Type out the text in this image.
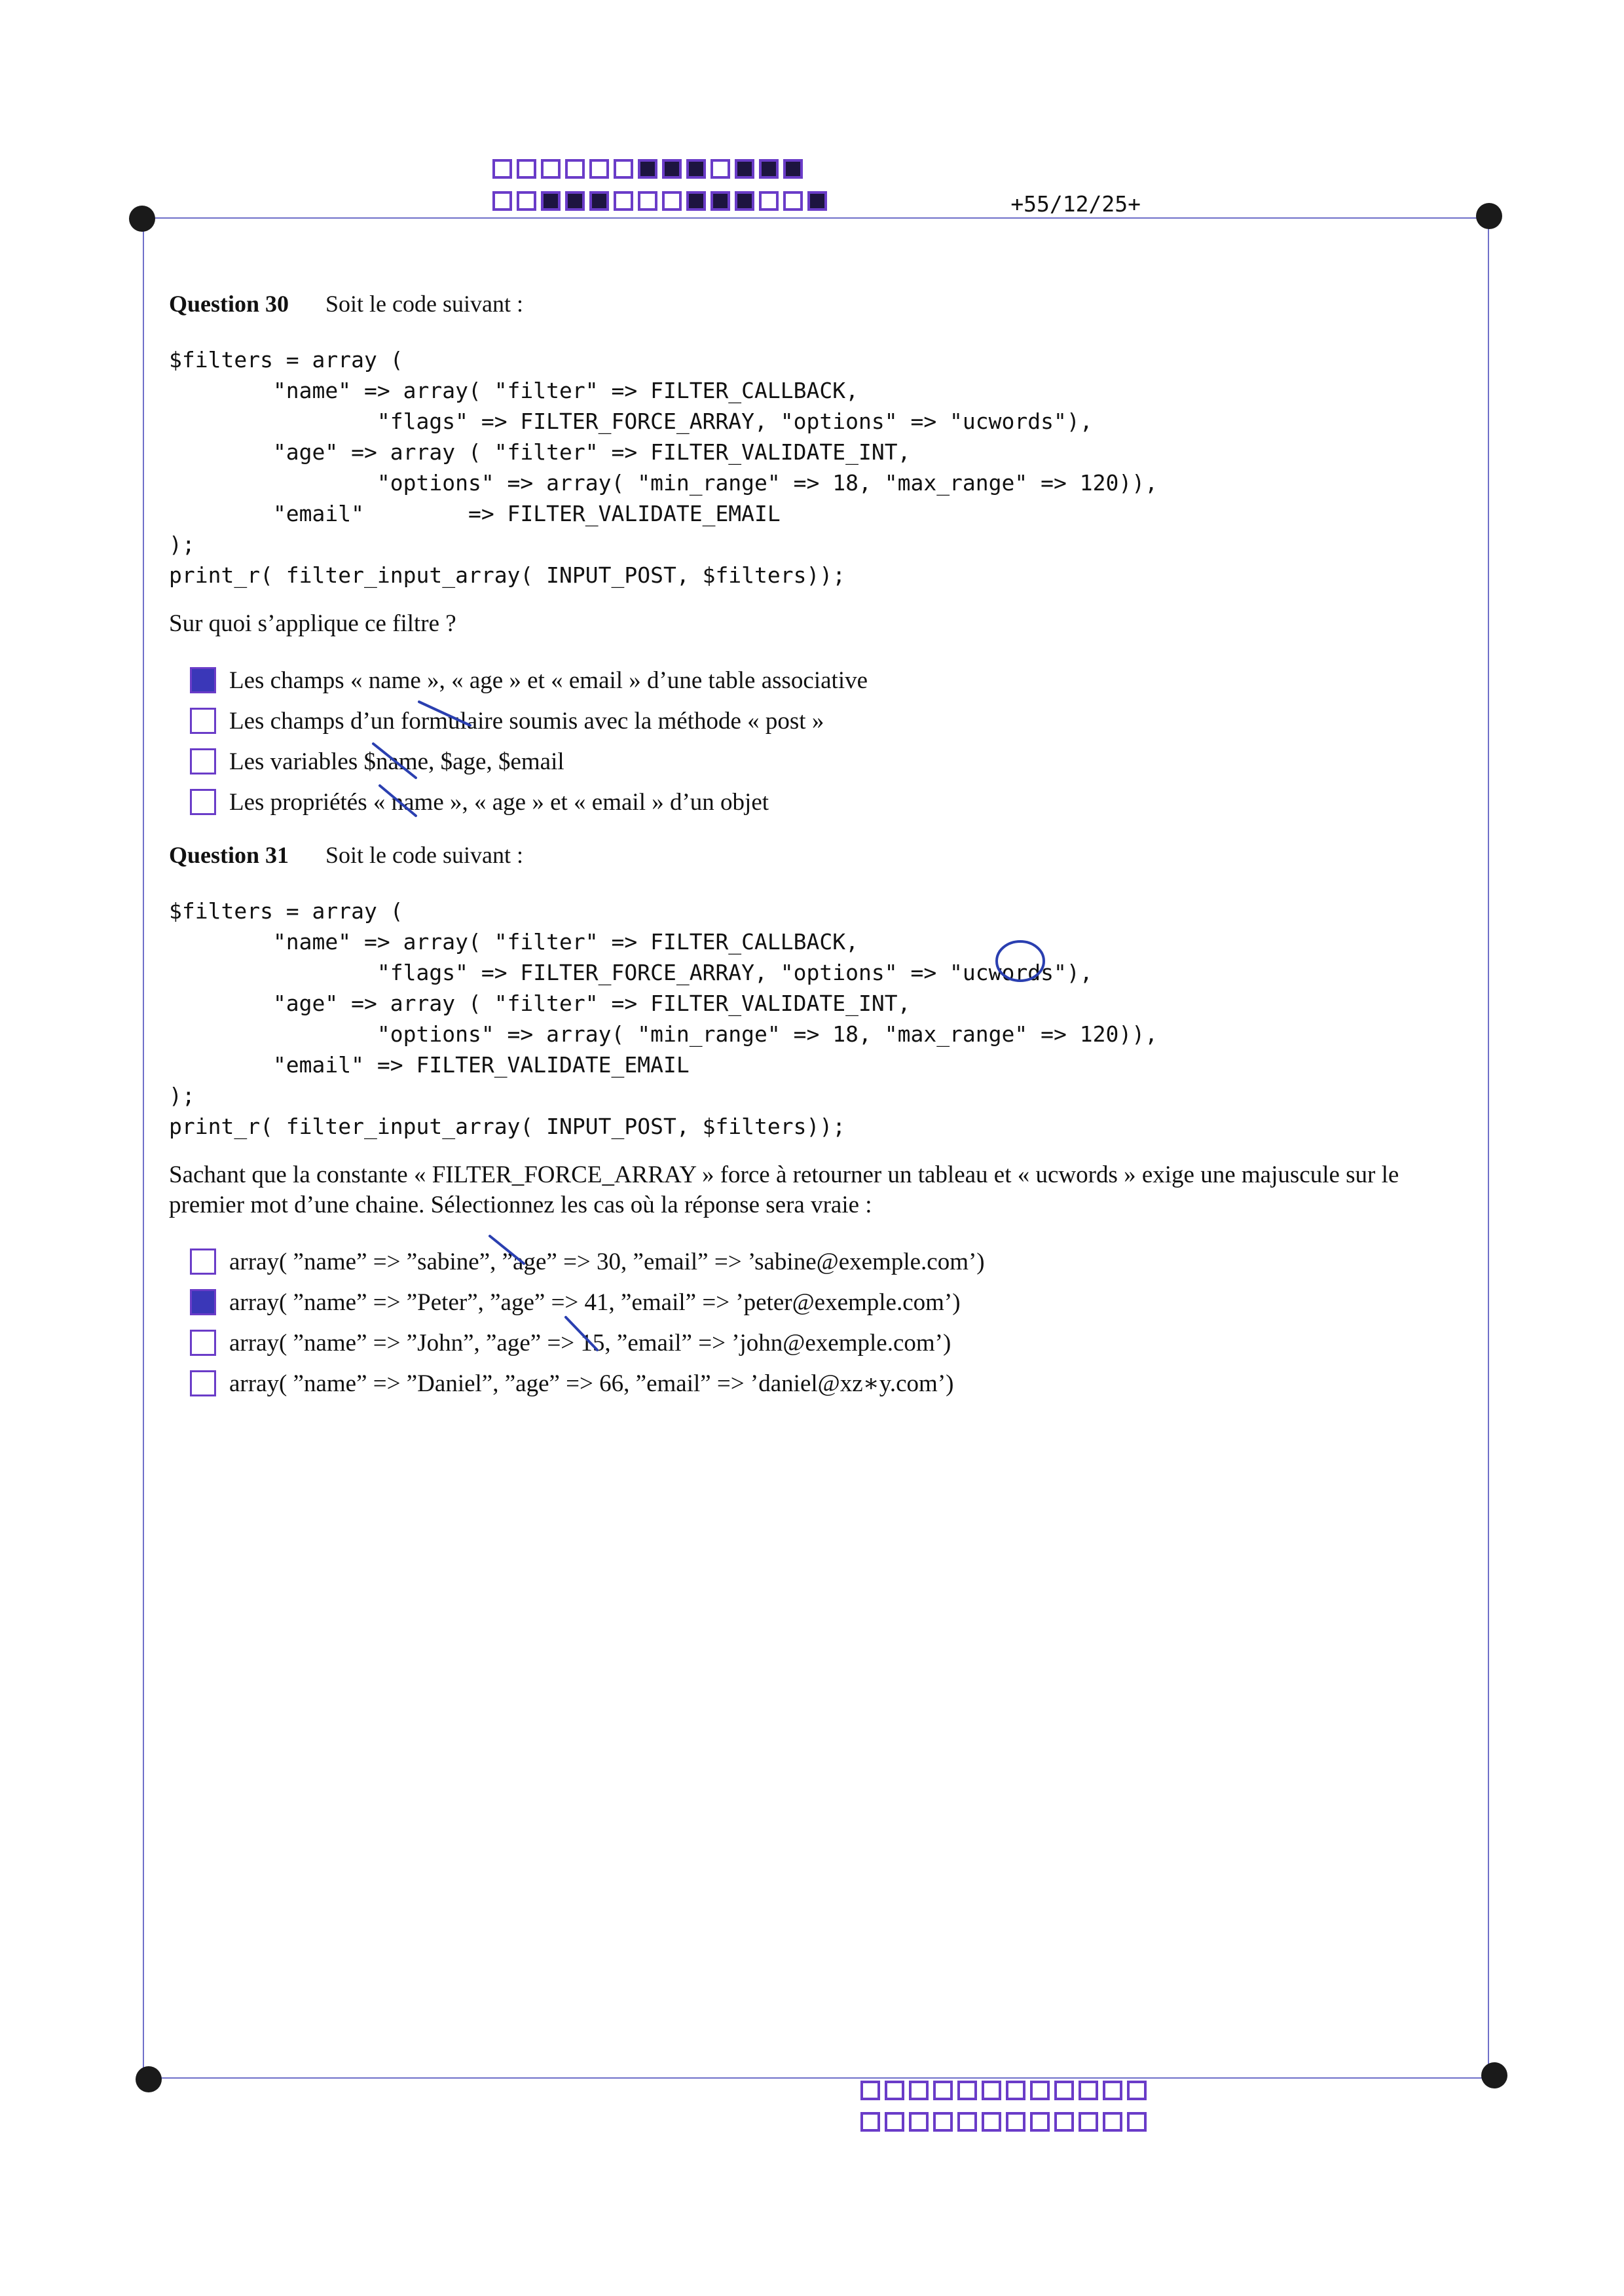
+55/12/25+
Question 30 Soit le code suivant :
$filters = array (
"name" => array( "filter" => FILTER_CALLBACK,
"flags" => FILTER_FORCE_ARRAY, "options" => "ucwords"),
"age" => array ( "filter" => FILTER_VALIDATE_INT,
"options" => array( "min_range" => 18, "max_range" => 120)),
"email"        => FILTER_VALIDATE_EMAIL
);
print_r( filter_input_array( INPUT_POST, $filters));

Sur quoi s’applique ce filtre ?

Les champs « name », « age » et « email » d’une table associative
Les champs d’un formulaire soumis avec la méthode « post »
Les variables $name, $age, $email
Les propriétés « name », « age » et « email » d’un objet
Question 31 Soit le code suivant :
$filters = array (
"name" => array( "filter" => FILTER_CALLBACK,
"flags" => FILTER_FORCE_ARRAY, "options" => "ucwords"),
"age" => array ( "filter" => FILTER_VALIDATE_INT,
"options" => array( "min_range" => 18, "max_range" => 120)),
"email" => FILTER_VALIDATE_EMAIL
);
print_r( filter_input_array( INPUT_POST, $filters));

Sachant que la constante « FILTER_FORCE_ARRAY » force à retourner un tableau et « ucwords » exige une majuscule sur le premier mot d’une chaine. Sélectionnez les cas où la réponse sera vraie :

array( ”name” => ”sabine”, ”age” => 30, ”email” => ’sabine@exemple.com’)
array( ”name” => ”Peter”, ”age” => 41, ”email” => ’peter@exemple.com’)
array( ”name” => ”John”, ”age” => 15, ”email” => ’john@exemple.com’)
array( ”name” => ”Daniel”, ”age” => 66, ”email” => ’daniel@xz∗y.com’)
